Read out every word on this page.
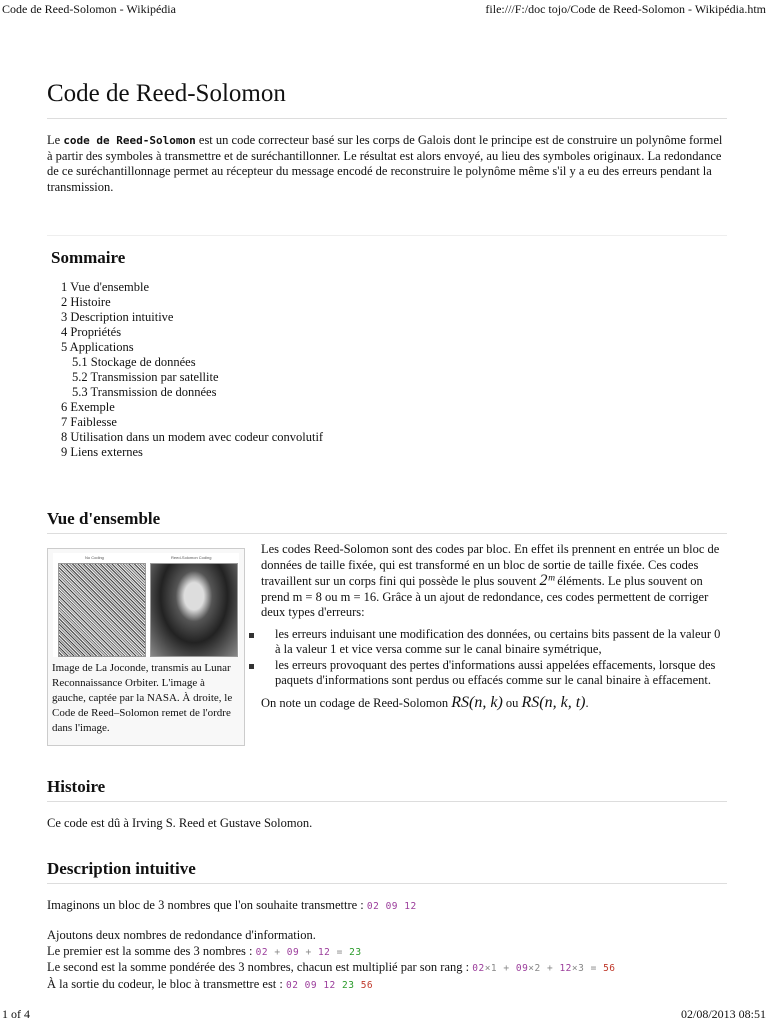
Code de Reed-Solomon - Wikipédia	file:///F:/doc tojo/Code de Reed-Solomon - Wikipédia.htm
Code de Reed-Solomon

Le code de Reed-Solomon est un code correcteur basé sur les corps de Galois dont le principe est de construire un polynôme formel à partir des symboles à transmettre et de suréchantillonner. Le résultat est alors envoyé, au lieu des symboles originaux. La redondance de ce suréchantillonnage permet au récepteur du message encodé de reconstruire le polynôme même s'il y a eu des erreurs pendant la transmission.

Sommaire
1 Vue d'ensemble
2 Histoire
3 Description intuitive
4 Propriétés
5 Applications
5.1 Stockage de données
5.2 Transmission par satellite
5.3 Transmission de données
6 Exemple
7 Faiblesse
8 Utilisation dans un modem avec codeur convolutif
9 Liens externes
Vue d'ensemble
No Coding	Reed-Solomon Coding
Image de La Joconde, transmis au Lunar Reconnaissance Orbiter. L'image à gauche, captée par la NASA. À droite, le Code de Reed–Solomon remet de l'ordre dans l'image.

Les codes Reed-Solomon sont des codes par bloc. En effet ils prennent en entrée un bloc de données de taille fixée, qui est transformé en un bloc de sortie de taille fixée. Ces codes travaillent sur un corps fini qui possède le plus souvent 2ᵐ éléments. Le plus souvent on prend m = 8 ou m = 16. Grâce à un ajout de redondance, ces codes permettent de corriger deux types d'erreurs:

les erreurs induisant une modification des données, ou certains bits passent de la valeur 0 à la valeur 1 et vice versa comme sur le canal binaire symétrique,
les erreurs provoquant des pertes d'informations aussi appelées effacements, lorsque des paquets d'informations sont perdus ou effacés comme sur le canal binaire à effacement.

On note un codage de Reed-Solomon RS(n, k) ou RS(n, k, t).

Histoire

Ce code est dû à Irving S. Reed et Gustave Solomon.

Description intuitive

Imaginons un bloc de 3 nombres que l'on souhaite transmettre : 02 09 12

Ajoutons deux nombres de redondance d'information.

Le premier est la somme des 3 nombres : 02 + 09 + 12 = 23

Le second est la somme pondérée des 3 nombres, chacun est multiplié par son rang : 02×1 + 09×2 + 12×3 = 56

À la sortie du codeur, le bloc à transmettre est : 02 09 12 23 56

1 of 4	02/08/2013 08:51
